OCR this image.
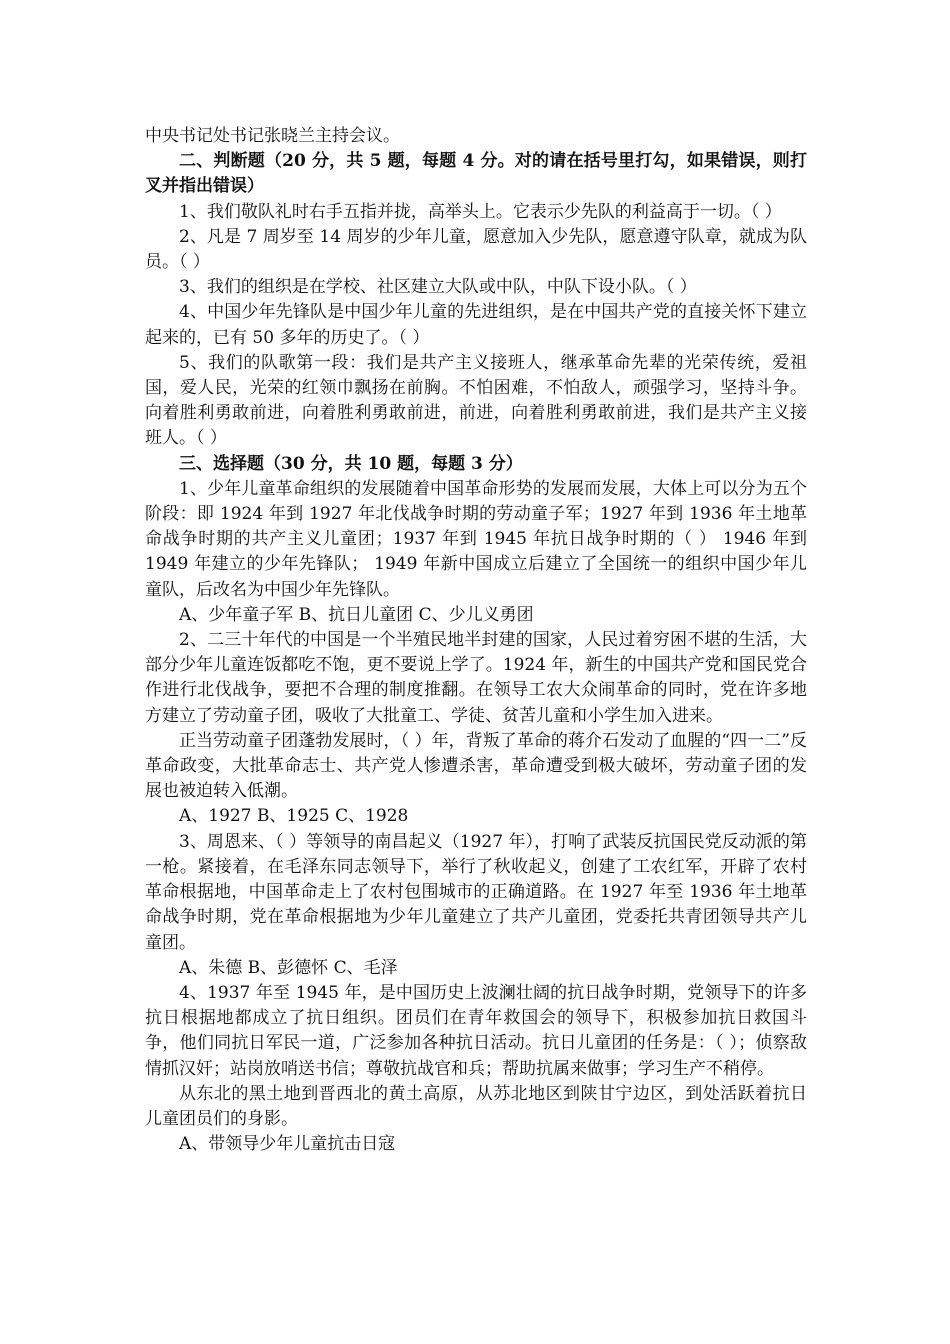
中央书记处书记张晓兰主持会议。

二、判断题（20 分，共 5 题，每题 4 分。对的请在括号里打勾，如果错误，则打叉并指出错误）

1、我们敬队礼时右手五指并拢，高举头上。它表示少先队的利益高于一切。（ ）

2、凡是 7 周岁至 14 周岁的少年儿童，愿意加入少先队，愿意遵守队章，就成为队员。（ ）

3、我们的组织是在学校、社区建立大队或中队，中队下设小队。（ ）

4、中国少年先锋队是中国少年儿童的先进组织，是在中国共产党的直接关怀下建立起来的，已有 50 多年的历史了。（ ）

5、我们的队歌第一段：我们是共产主义接班人，继承革命先辈的光荣传统，爱祖国，爱人民，光荣的红领巾飘扬在前胸。不怕困难，不怕敌人，顽强学习，坚持斗争。向着胜利勇敢前进，向着胜利勇敢前进，前进，向着胜利勇敢前进，我们是共产主义接班人。（ ）

三、选择题（30 分，共 10 题，每题 3 分）

1、少年儿童革命组织的发展随着中国革命形势的发展而发展，大体上可以分为五个阶段：即 1924 年到 1927 年北伐战争时期的劳动童子军；1927 年到 1936 年土地革命战争时期的共产主义儿童团；1937 年到 1945 年抗日战争时期的（ ） 1946 年到 1949 年建立的少年先锋队； 1949 年新中国成立后建立了全国统一的组织中国少年儿童队，后改名为中国少年先锋队。

A、少年童子军 B、抗日儿童团 C、少儿义勇团

2、二三十年代的中国是一个半殖民地半封建的国家，人民过着穷困不堪的生活，大部分少年儿童连饭都吃不饱，更不要说上学了。1924 年，新生的中国共产党和国民党合作进行北伐战争，要把不合理的制度推翻。在领导工农大众闹革命的同时，党在许多地方建立了劳动童子团，吸收了大批童工、学徒、贫苦儿童和小学生加入进来。

正当劳动童子团蓬勃发展时，（ ）年，背叛了革命的蒋介石发动了血腥的“四一二”反革命政变，大批革命志士、共产党人惨遭杀害，革命遭受到极大破坏，劳动童子团的发展也被迫转入低潮。

A、1927 B、1925 C、1928

3、周恩来、（ ）等领导的南昌起义（1927 年），打响了武装反抗国民党反动派的第一枪。紧接着，在毛泽东同志领导下，举行了秋收起义，创建了工农红军，开辟了农村革命根据地，中国革命走上了农村包围城市的正确道路。在 1927 年至 1936 年土地革命战争时期，党在革命根据地为少年儿童建立了共产儿童团，党委托共青团领导共产儿童团。

A、朱德 B、彭德怀 C、毛泽

4、1937 年至 1945 年，是中国历史上波澜壮阔的抗日战争时期，党领导下的许多抗日根据地都成立了抗日组织。团员们在青年救国会的领导下，积极参加抗日救国斗争，他们同抗日军民一道，广泛参加各种抗日活动。抗日儿童团的任务是：（ ）；侦察敌情抓汉奸；站岗放哨送书信；尊敬抗战官和兵；帮助抗属来做事；学习生产不稍停。

从东北的黑土地到晋西北的黄土高原，从苏北地区到陕甘宁边区，到处活跃着抗日儿童团员们的身影。

A、带领导少年儿童抗击日寇
